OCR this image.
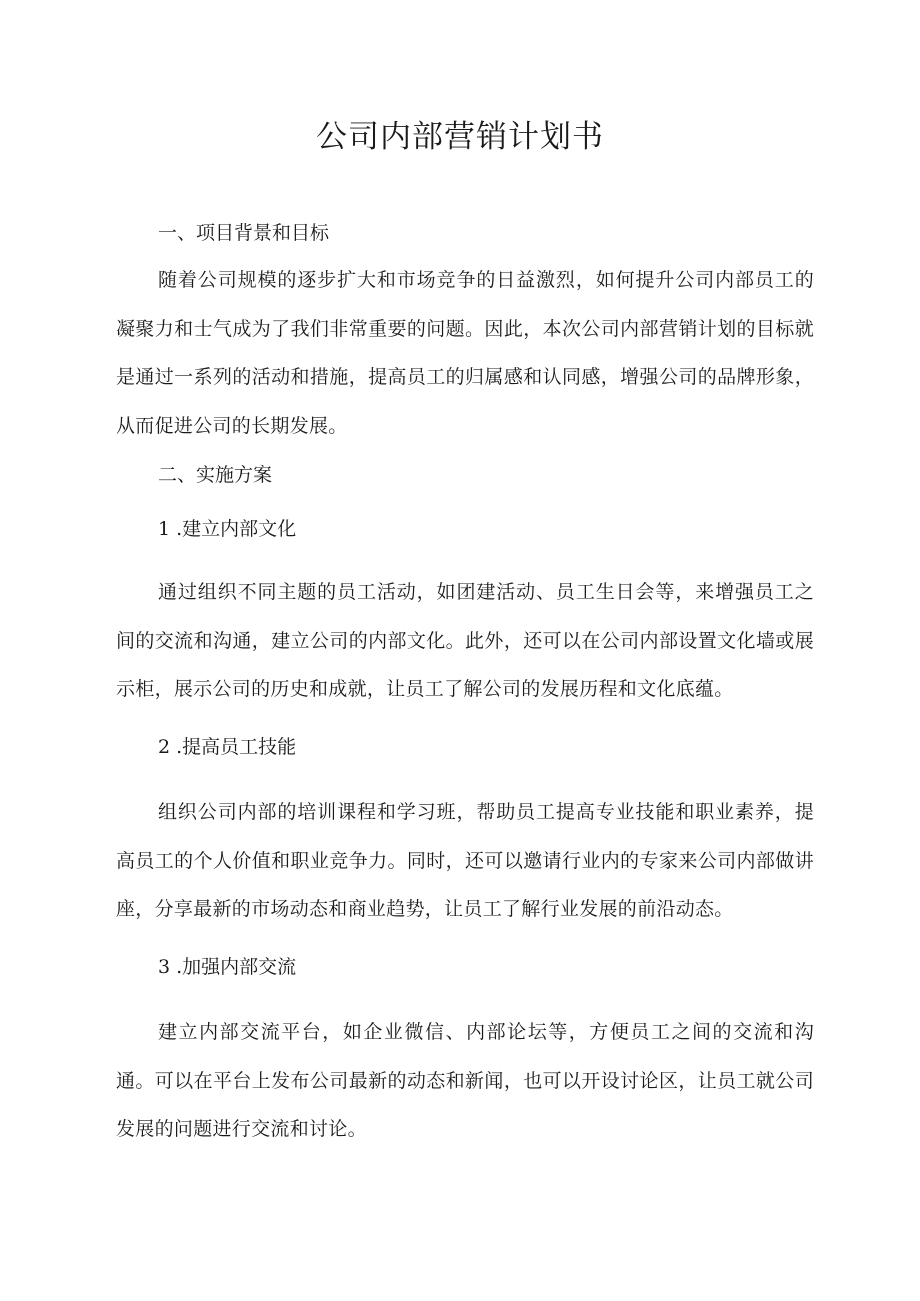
公司内部营销计划书
一、项目背景和目标

随着公司规模的逐步扩大和市场竞争的日益激烈，如何提升公司内部员工的凝聚力和士气成为了我们非常重要的问题。因此，本次公司内部营销计划的目标就是通过一系列的活动和措施，提高员工的归属感和认同感，增强公司的品牌形象，从而促进公司的长期发展。

二、实施方案
1 .建立内部文化

通过组织不同主题的员工活动，如团建活动、员工生日会等，来增强员工之间的交流和沟通，建立公司的内部文化。此外，还可以在公司内部设置文化墙或展示柜，展示公司的历史和成就，让员工了解公司的发展历程和文化底蕴。

2 .提高员工技能

组织公司内部的培训课程和学习班，帮助员工提高专业技能和职业素养，提高员工的个人价值和职业竞争力。同时，还可以邀请行业内的专家来公司内部做讲座，分享最新的市场动态和商业趋势，让员工了解行业发展的前沿动态。

3 .加强内部交流

建立内部交流平台，如企业微信、内部论坛等，方便员工之间的交流和沟通。可以在平台上发布公司最新的动态和新闻，也可以开设讨论区，让员工就公司发展的问题进行交流和讨论。
